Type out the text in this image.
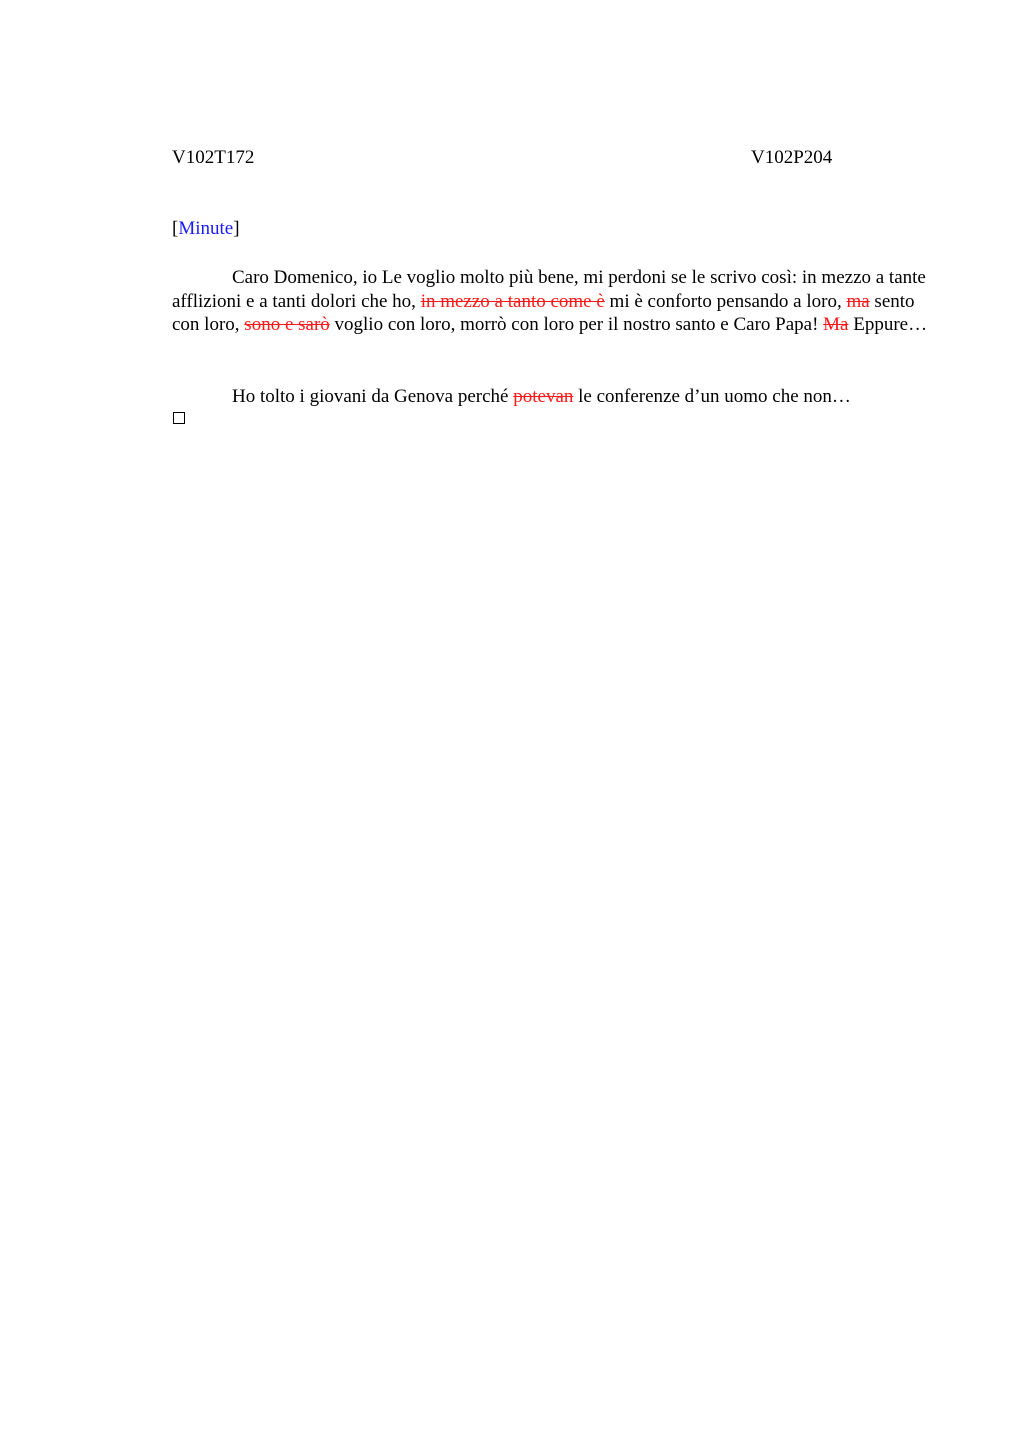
V102T172	V102P204
[Minute]

Caro Domenico, io Le voglio molto più bene, mi perdoni se le scrivo così: in mezzo a tante afflizioni e a tanti dolori che ho, in mezzo a tanto come è mi è conforto pensando a loro, ma sento con loro, sono e sarò voglio con loro, morrò con loro per il nostro santo e Caro Papa! Ma Eppure…

Ho tolto i giovani da Genova perché potevan le conferenze d’un uomo che non…
